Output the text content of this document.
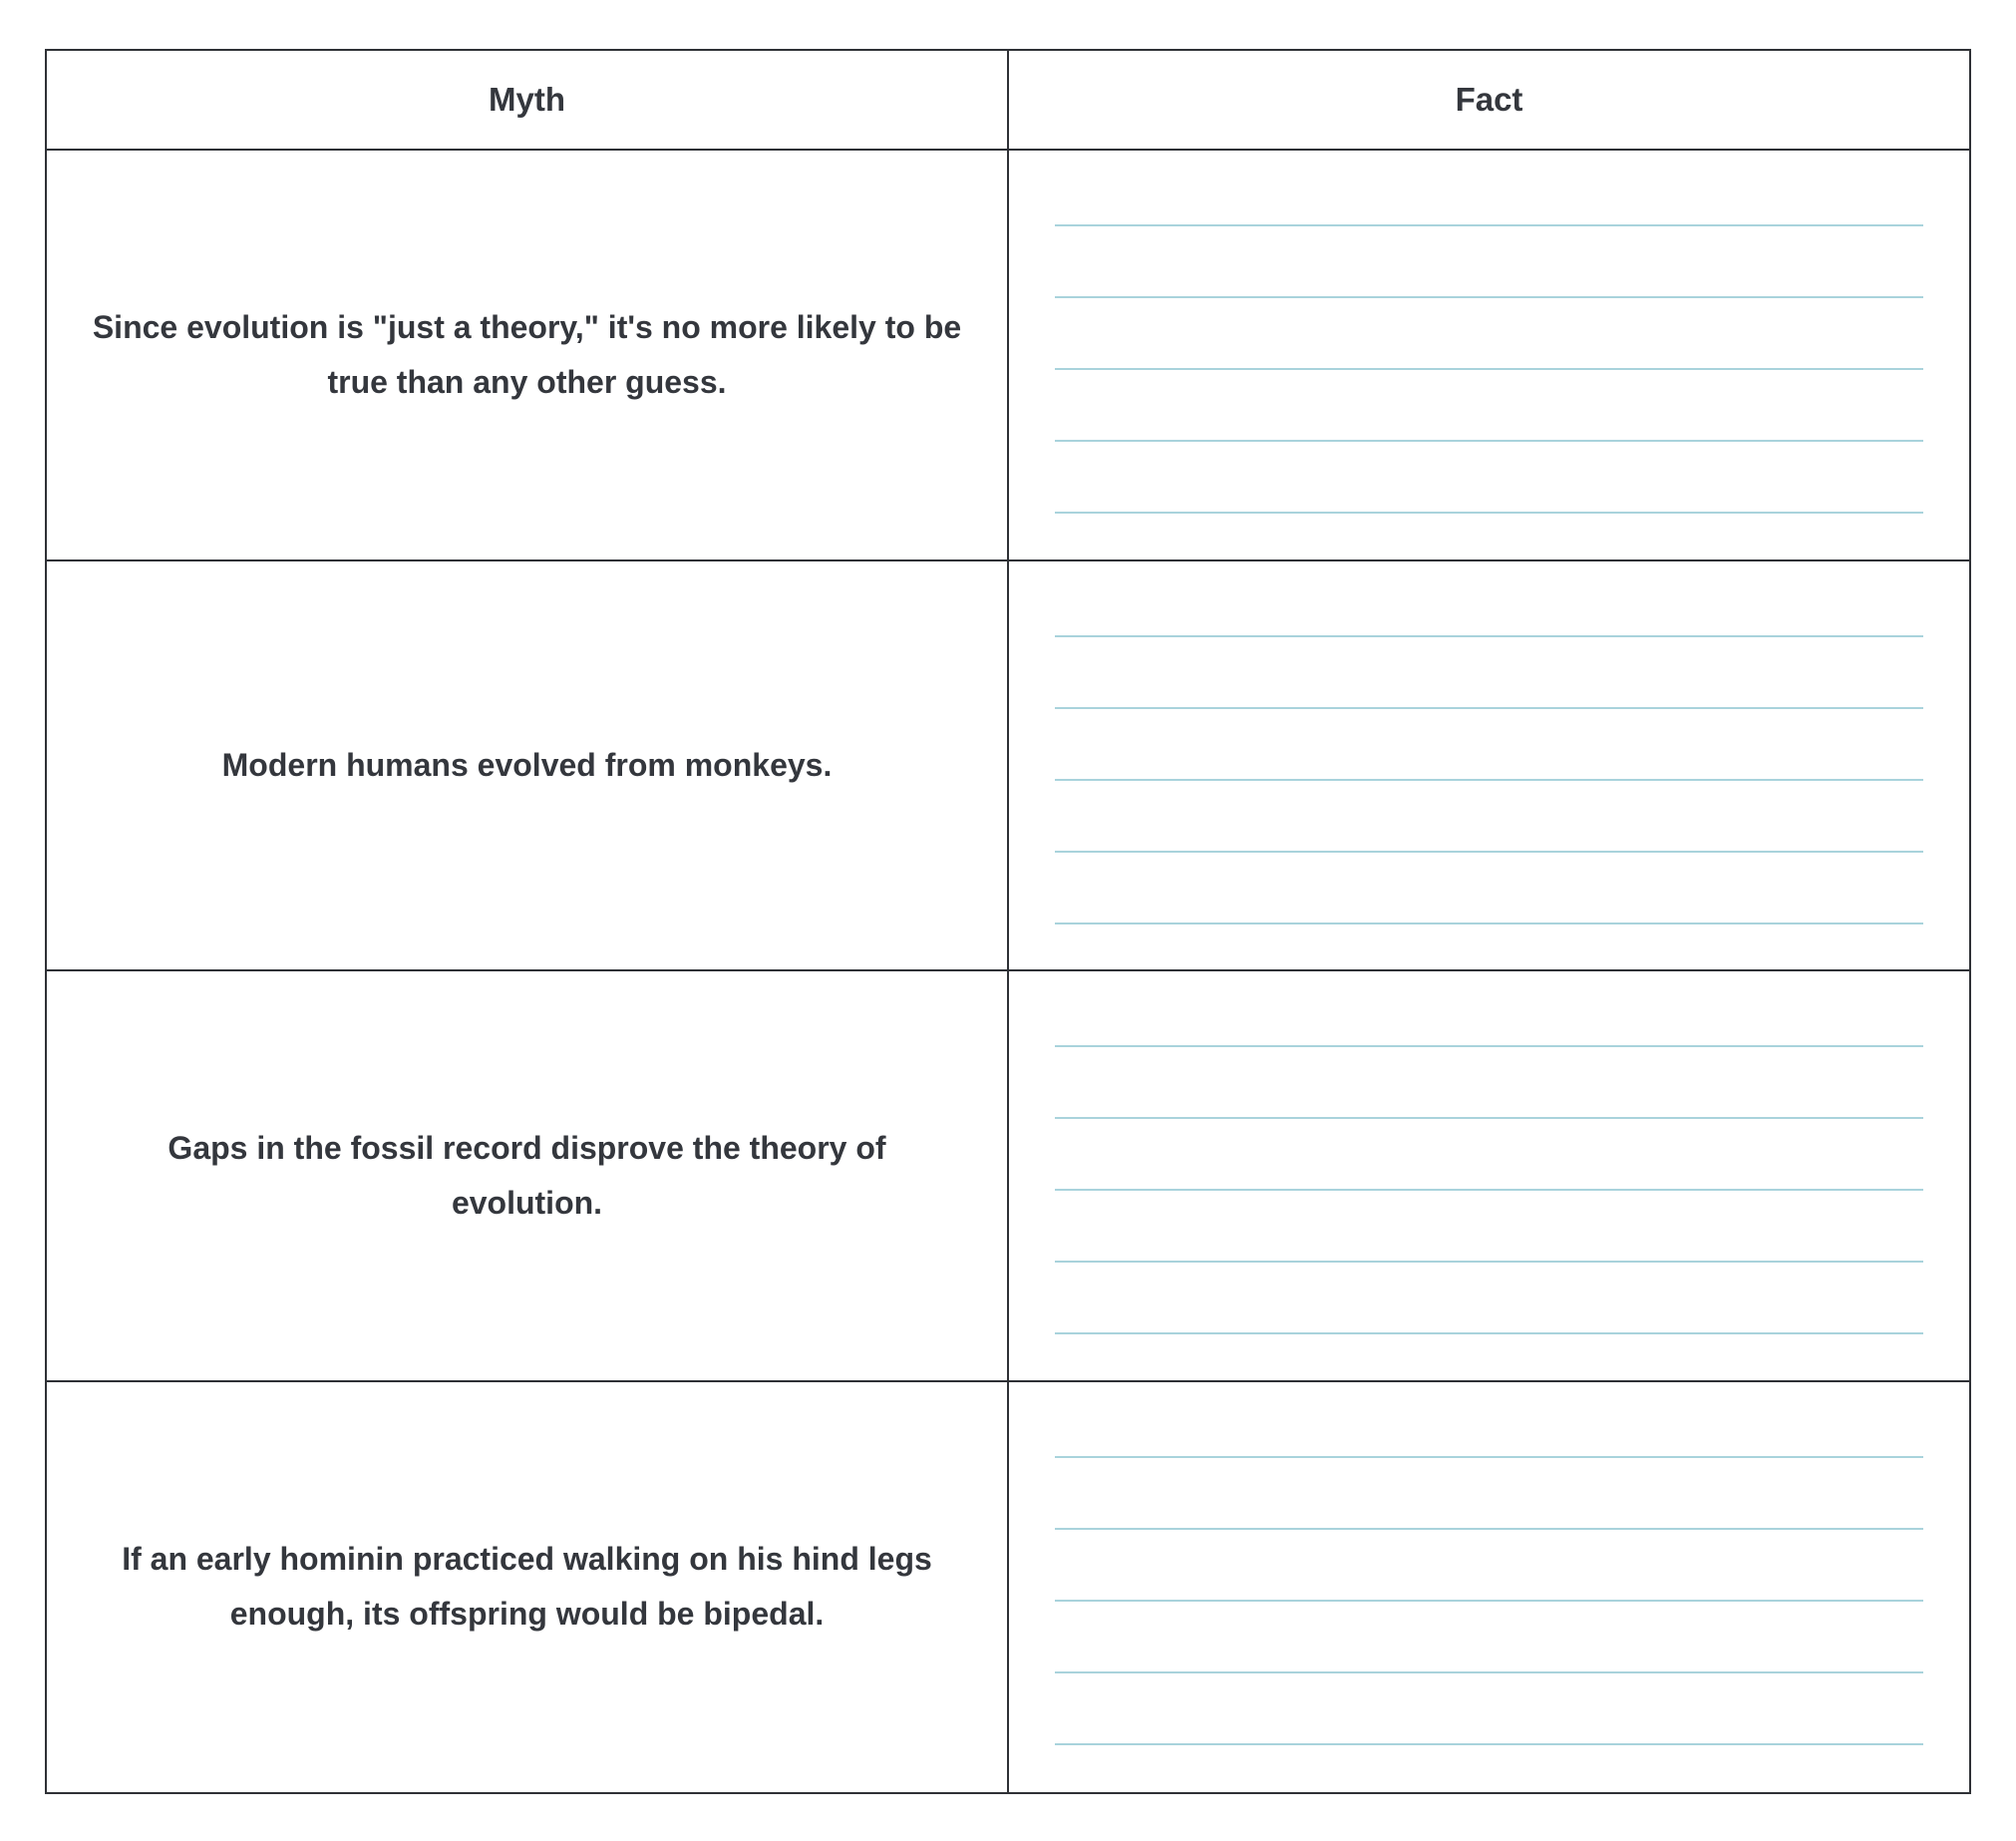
Myth	Fact
Since evolution is "just a theory," it's no more likely to be true than any other guess.
Modern humans evolved from monkeys.
Gaps in the fossil record disprove the theory of evolution.
If an early hominin practiced walking on his hind legs enough, its offspring would be bipedal.
